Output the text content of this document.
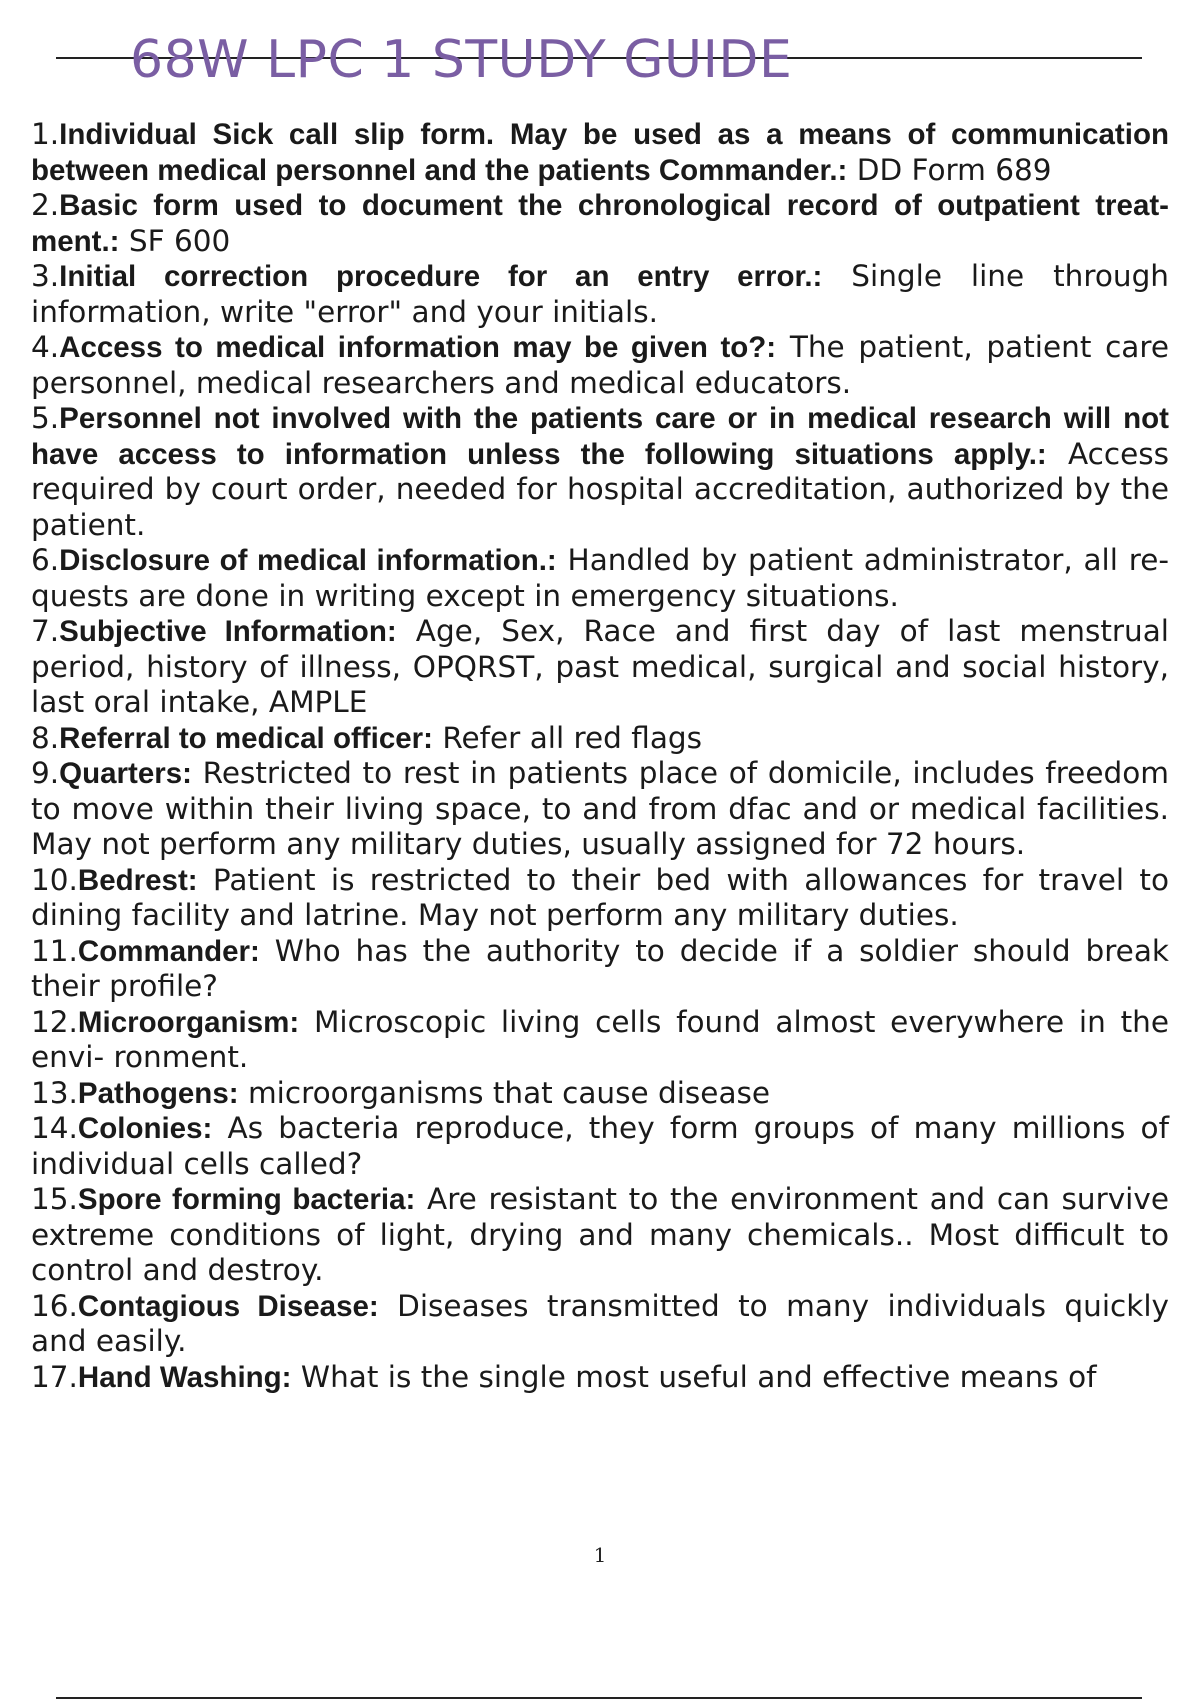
68W LPC 1 STUDY GUIDE
1.Individual Sick call slip form. May be used as a means of communication between medical personnel and the patients Commander.: DD Form 689
2.Basic form used to document the chronological record of outpatient treat- ment.: SF 600
3.Initial correction procedure for an entry error.: Single line through information, write "error" and your initials.
4.Access to medical information may be given to?: The patient, patient care personnel, medical researchers and medical educators.
5.Personnel not involved with the patients care or in medical research will not have access to information unless the following situations apply.: Access required by court order, needed for hospital accreditation, authorized by the patient.
6.Disclosure of medical information.: Handled by patient administrator, all re- quests are done in writing except in emergency situations.
7.Subjective Information: Age, Sex, Race and first day of last menstrual period, history of illness, OPQRST, past medical, surgical and social history, last oral intake, AMPLE
8.Referral to medical officer: Refer all red flags
9.Quarters: Restricted to rest in patients place of domicile, includes freedom to move within their living space, to and from dfac and or medical facilities. May not perform any military duties, usually assigned for 72 hours.
10.Bedrest: Patient is restricted to their bed with allowances for travel to dining facility and latrine. May not perform any military duties.
11.Commander: Who has the authority to decide if a soldier should break their profile?
12.Microorganism: Microscopic living cells found almost everywhere in the envi- ronment.
13.Pathogens: microorganisms that cause disease
14.Colonies: As bacteria reproduce, they form groups of many millions of individual cells called?
15.Spore forming bacteria: Are resistant to the environment and can survive extreme conditions of light, drying and many chemicals.. Most difficult to control and destroy.
16.Contagious Disease: Diseases transmitted to many individuals quickly and easily.
17.Hand Washing: What is the single most useful and effective means of
1
